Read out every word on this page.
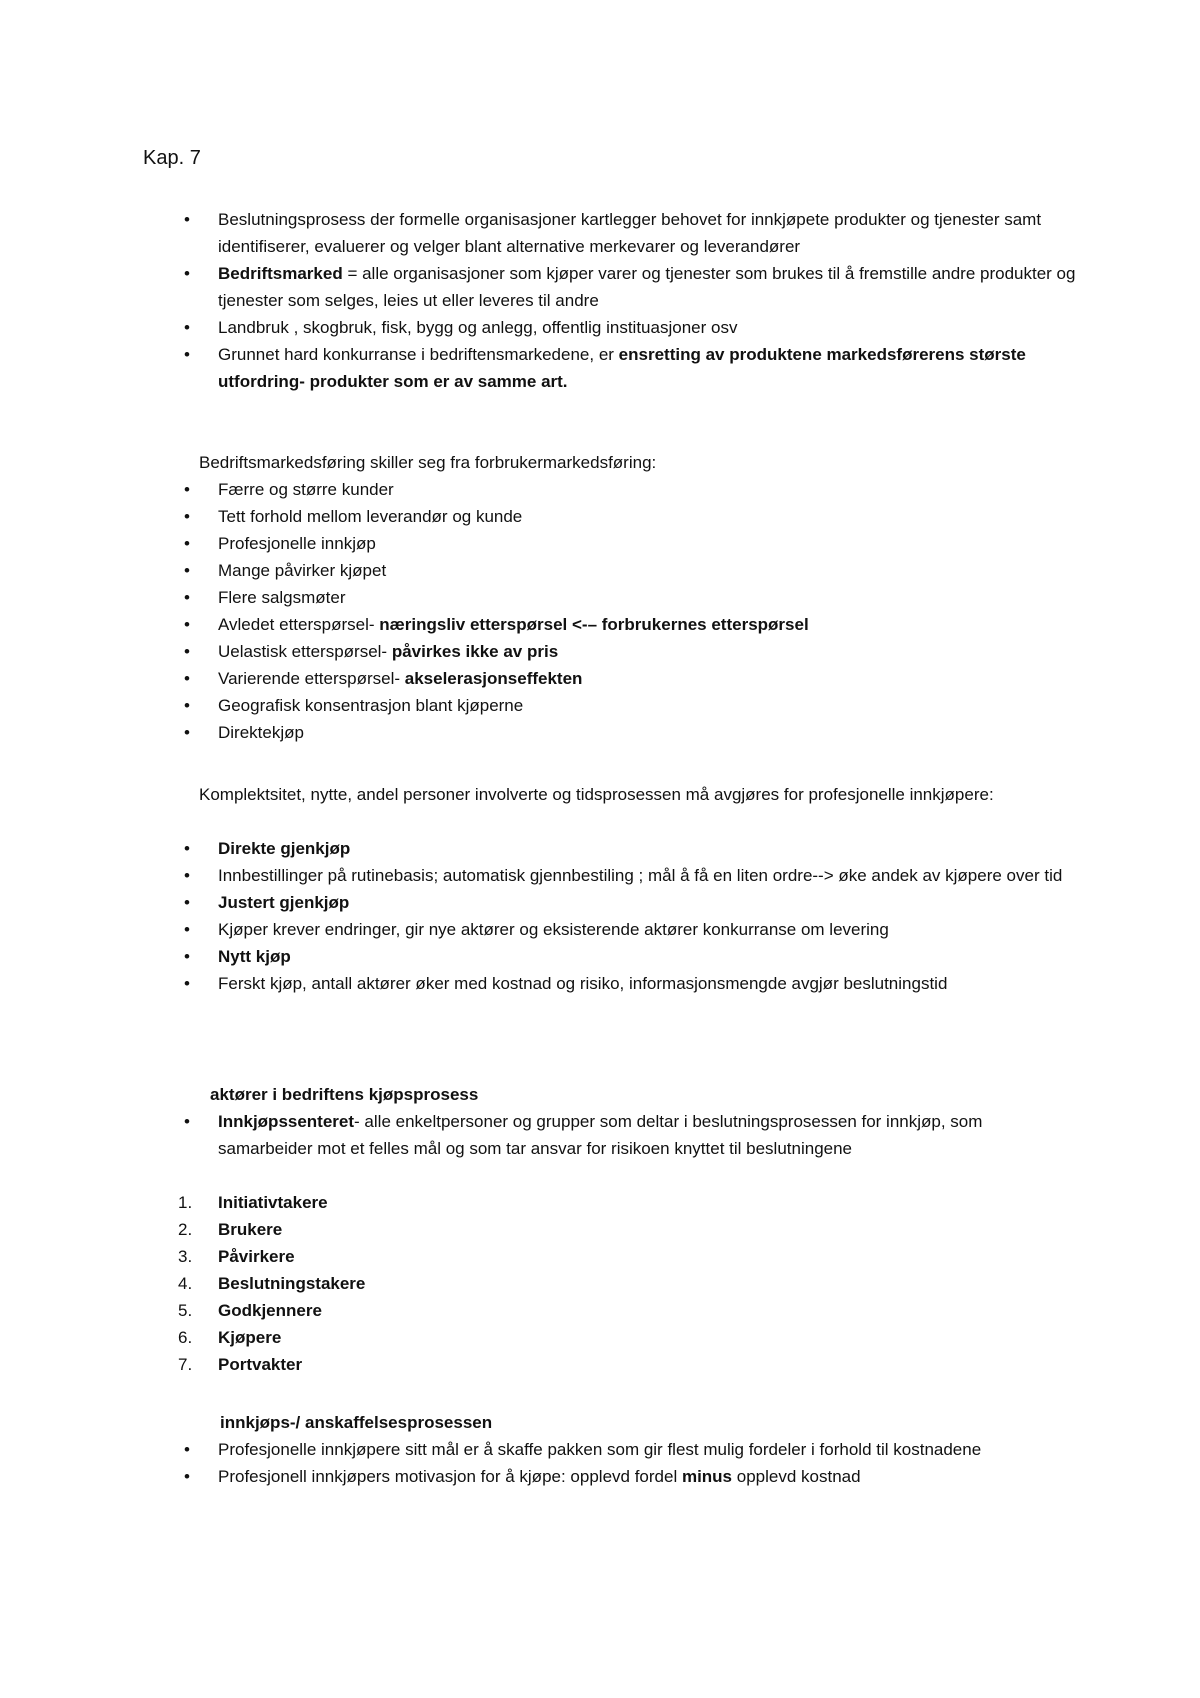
Kap. 7
• Beslutningsprosess der formelle organisasjoner kartlegger behovet for innkjøpete produkter og tjenester samt identifiserer, evaluerer og velger blant alternative merkevarer og leverandører
• Bedriftsmarked = alle organisasjoner som kjøper varer og tjenester som brukes til å fremstille andre produkter og tjenester som selges, leies ut eller leveres til andre
• Landbruk , skogbruk, fisk, bygg og anlegg, offentlig instituasjoner osv
• Grunnet hard konkurranse i bedriftensmarkedene, er ensretting av produktene markedsførerens største utfordring- produkter som er av samme art.
Bedriftsmarkedsføring skiller seg fra forbrukermarkedsføring:
• Færre og større kunder
• Tett forhold mellom leverandør og kunde
• Profesjonelle innkjøp
• Mange påvirker kjøpet
• Flere salgsmøter
• Avledet etterspørsel- næringsliv etterspørsel <-– forbrukernes etterspørsel
• Uelastisk etterspørsel- påvirkes ikke av pris
• Varierende etterspørsel- akselerasjonseffekten
• Geografisk konsentrasjon blant kjøperne
• Direktekjøp
Komplektsitet, nytte, andel personer involverte og tidsprosessen må avgjøres for profesjonelle innkjøpere:
• Direkte gjenkjøp
• Innbestillinger på rutinebasis; automatisk gjennbestiling ; mål å få en liten ordre--> øke andek av kjøpere over tid
• Justert gjenkjøp
• Kjøper krever endringer, gir nye aktører og eksisterende aktører konkurranse om levering
• Nytt kjøp
• Ferskt kjøp, antall aktører øker med kostnad og risiko, informasjonsmengde avgjør beslutningstid
aktører i bedriftens kjøpsprosess
• Innkjøpssenteret- alle enkeltpersoner og grupper som deltar i beslutningsprosessen for innkjøp, som samarbeider mot et felles mål og som tar ansvar for risikoen knyttet til beslutningene
1. Initiativtakere
2. Brukere
3. Påvirkere
4. Beslutningstakere
5. Godkjennere
6. Kjøpere
7. Portvakter
innkjøps-/ anskaffelsesprosessen
• Profesjonelle innkjøpere sitt mål er å skaffe pakken som gir flest mulig fordeler i forhold til kostnadene
• Profesjonell innkjøpers motivasjon for å kjøpe: opplevd fordel minus opplevd kostnad
